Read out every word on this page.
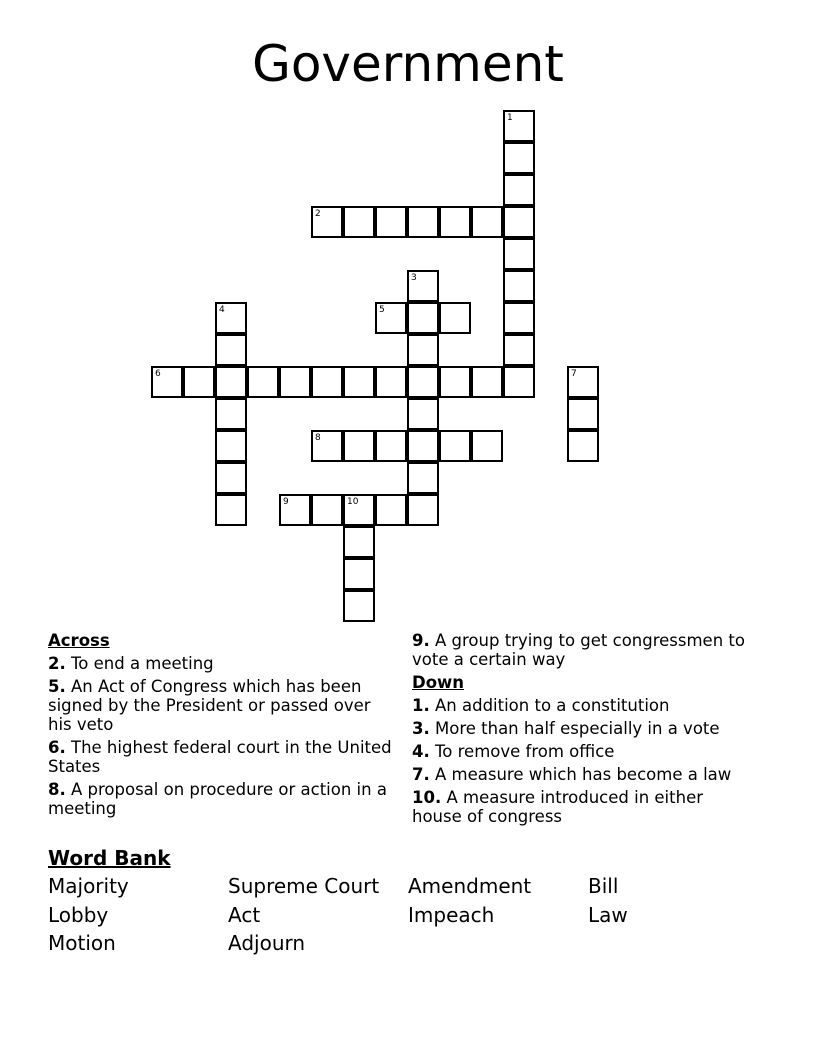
Government
1
2
3
4	5
6	7
8
9	10
Across
2. To end a meeting
5. An Act of Congress which has been signed by the President or passed over his veto
6. The highest federal court in the United States
8. A proposal on procedure or action in a meeting
9. A group trying to get congressmen to vote a certain way
Down
1. An addition to a constitution
3. More than half especially in a vote
4. To remove from office
7. A measure which has become a law
10. A measure introduced in either house of congress
Word Bank
Majority	Supreme Court	Amendment	Bill
Lobby	Act	Impeach	Law
Motion	Adjourn
